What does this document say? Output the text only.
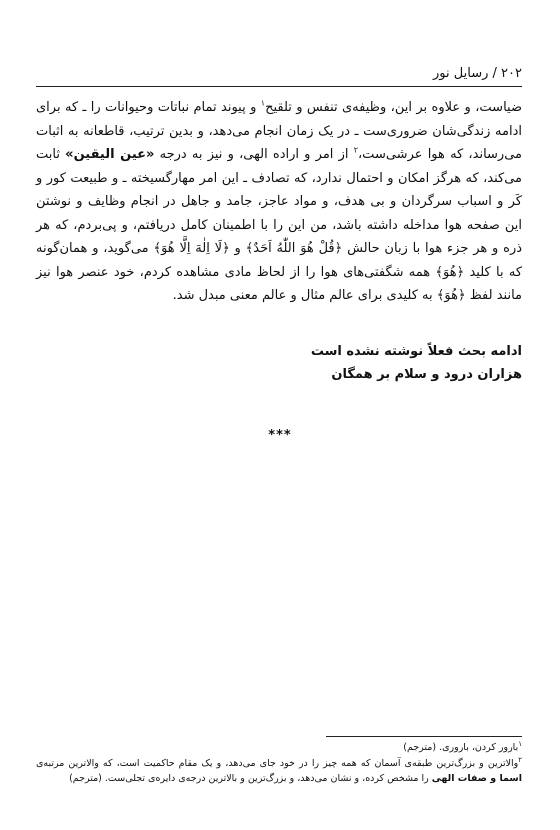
۲۰۲ / رسایل نور

ضیاست، و علاوه بر این، وظیفه‌ی تنفس و تلقیح$^۱$ و پیوند تمام نباتات وحیوانات را ـ که برای ادامه زندگی‌شان ضروری‌ست ـ در یک زمان انجام می‌دهد، و بدین ترتیب، قاطعانه به اثبات می‌رساند، که هوا عرشی‌ست،$^۲$ از امر و اراده الهی، و نیز به درجه «عین الیقین» ثابت می‌کند، که هرگز امکان و احتمال ندارد، که تصادف ـ این امر مهارگسیخته ـ و طبیعت کور و کَر و اسباب سرگردان و بی هدف، و مواد عاجز، جامد و جاهل در انجام وظایف و نوشتن این صفحه هوا مداخله داشته باشد، من این را با اطمینان کامل دریافتم، و پی‌بردم، که هر ذره و هر جزء هوا با زبان حالش ﴿قُلْ هُوَ اللّٰهُ اَحَدٌ﴾ و ﴿لَا اِلٰهَ اِلَّا هُوَ﴾ می‌گوید، و همان‌گونه که با کلید ﴿هُوَ﴾ همه شگفتی‌های هوا را از لحاظ مادی مشاهده کردم، خود عنصر هوا نیز مانند لفظ ﴿هُوَ﴾ به کلیدی برای عالم مثال و عالم معنی مبدل شد.

ادامه بحث فعلاً نوشته نشده است
هزاران درود و سلام بر همگان
***

$^۱$بارور کردن، باروری. (مترجم)

$^۲$والاترین و بزرگ‌ترین طبقه‌ی آسمان که همه چیز را در خود جای می‌دهد، و یک مقام حاکمیت است، که والاترین مرتبه‌ی اسما و صفات الهی را مشخص کرده، و نشان می‌دهد، و بزرگ‌ترین و بالاترین درجه‌ی دایره‌ی تجلی‌ست. (مترجم)
